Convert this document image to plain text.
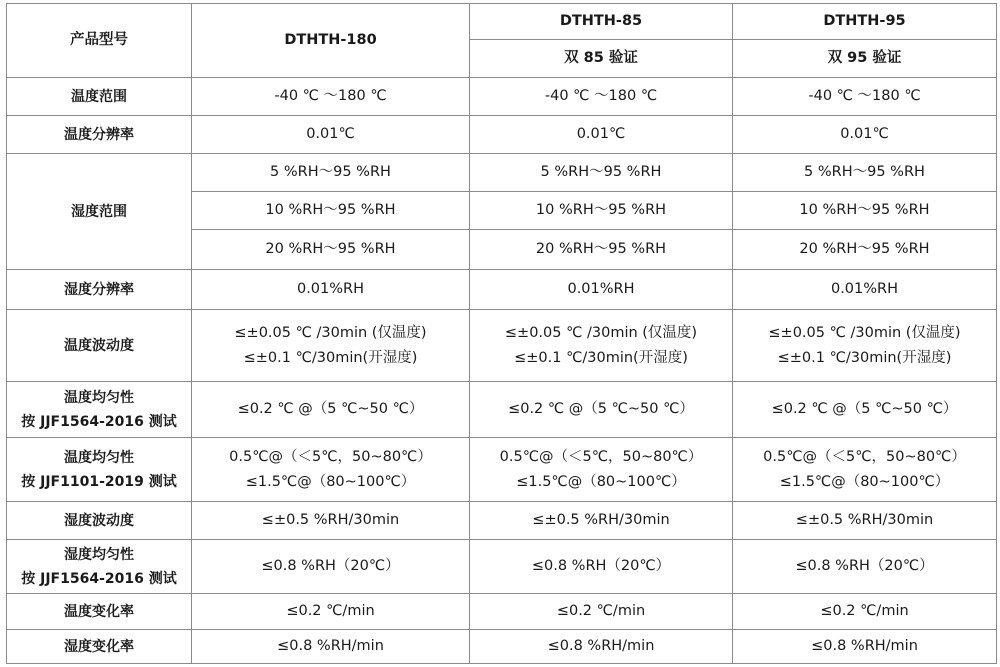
产品型号	DTHTH-180	DTHTH-85	DTHTH-95
		双 85 验证	双 95 验证

温度范围	-40 ℃ ～180 ℃	-40 ℃ ～180 ℃	-40 ℃ ～180 ℃

温度分辨率	0.01℃	0.01℃	0.01℃

湿度范围	5 %RH～95 %RH	5 %RH～95 %RH	5 %RH～95 %RH
	10 %RH～95 %RH	10 %RH～95 %RH	10 %RH～95 %RH
	20 %RH～95 %RH	20 %RH～95 %RH	20 %RH～95 %RH

湿度分辨率	0.01%RH	0.01%RH	0.01%RH

温度波动度	≤±0.05 ℃ /30min (仅温度)
≤±0.1 ℃/30min(开湿度)	≤±0.05 ℃ /30min (仅温度)
≤±0.1 ℃/30min(开湿度)	≤±0.05 ℃ /30min (仅温度)
≤±0.1 ℃/30min(开湿度)

温度均匀性
按 JJF1564-2016 测试	≤0.2 ℃ @（5 ℃~50 ℃）	≤0.2 ℃ @（5 ℃~50 ℃）	≤0.2 ℃ @（5 ℃~50 ℃）

温度均匀性
按 JJF1101-2019 测试	0.5℃@（＜5℃，50~80℃）
≤1.5℃@（80~100℃）	0.5℃@（＜5℃，50~80℃）
≤1.5℃@（80~100℃）	0.5℃@（＜5℃，50~80℃）
≤1.5℃@（80~100℃）

湿度波动度	≤±0.5 %RH/30min	≤±0.5 %RH/30min	≤±0.5 %RH/30min

湿度均匀性
按 JJF1564-2016 测试	≤0.8 %RH（20℃）	≤0.8 %RH（20℃）	≤0.8 %RH（20℃）

温度变化率	≤0.2 ℃/min	≤0.2 ℃/min	≤0.2 ℃/min

湿度变化率	≤0.8 %RH/min	≤0.8 %RH/min	≤0.8 %RH/min
